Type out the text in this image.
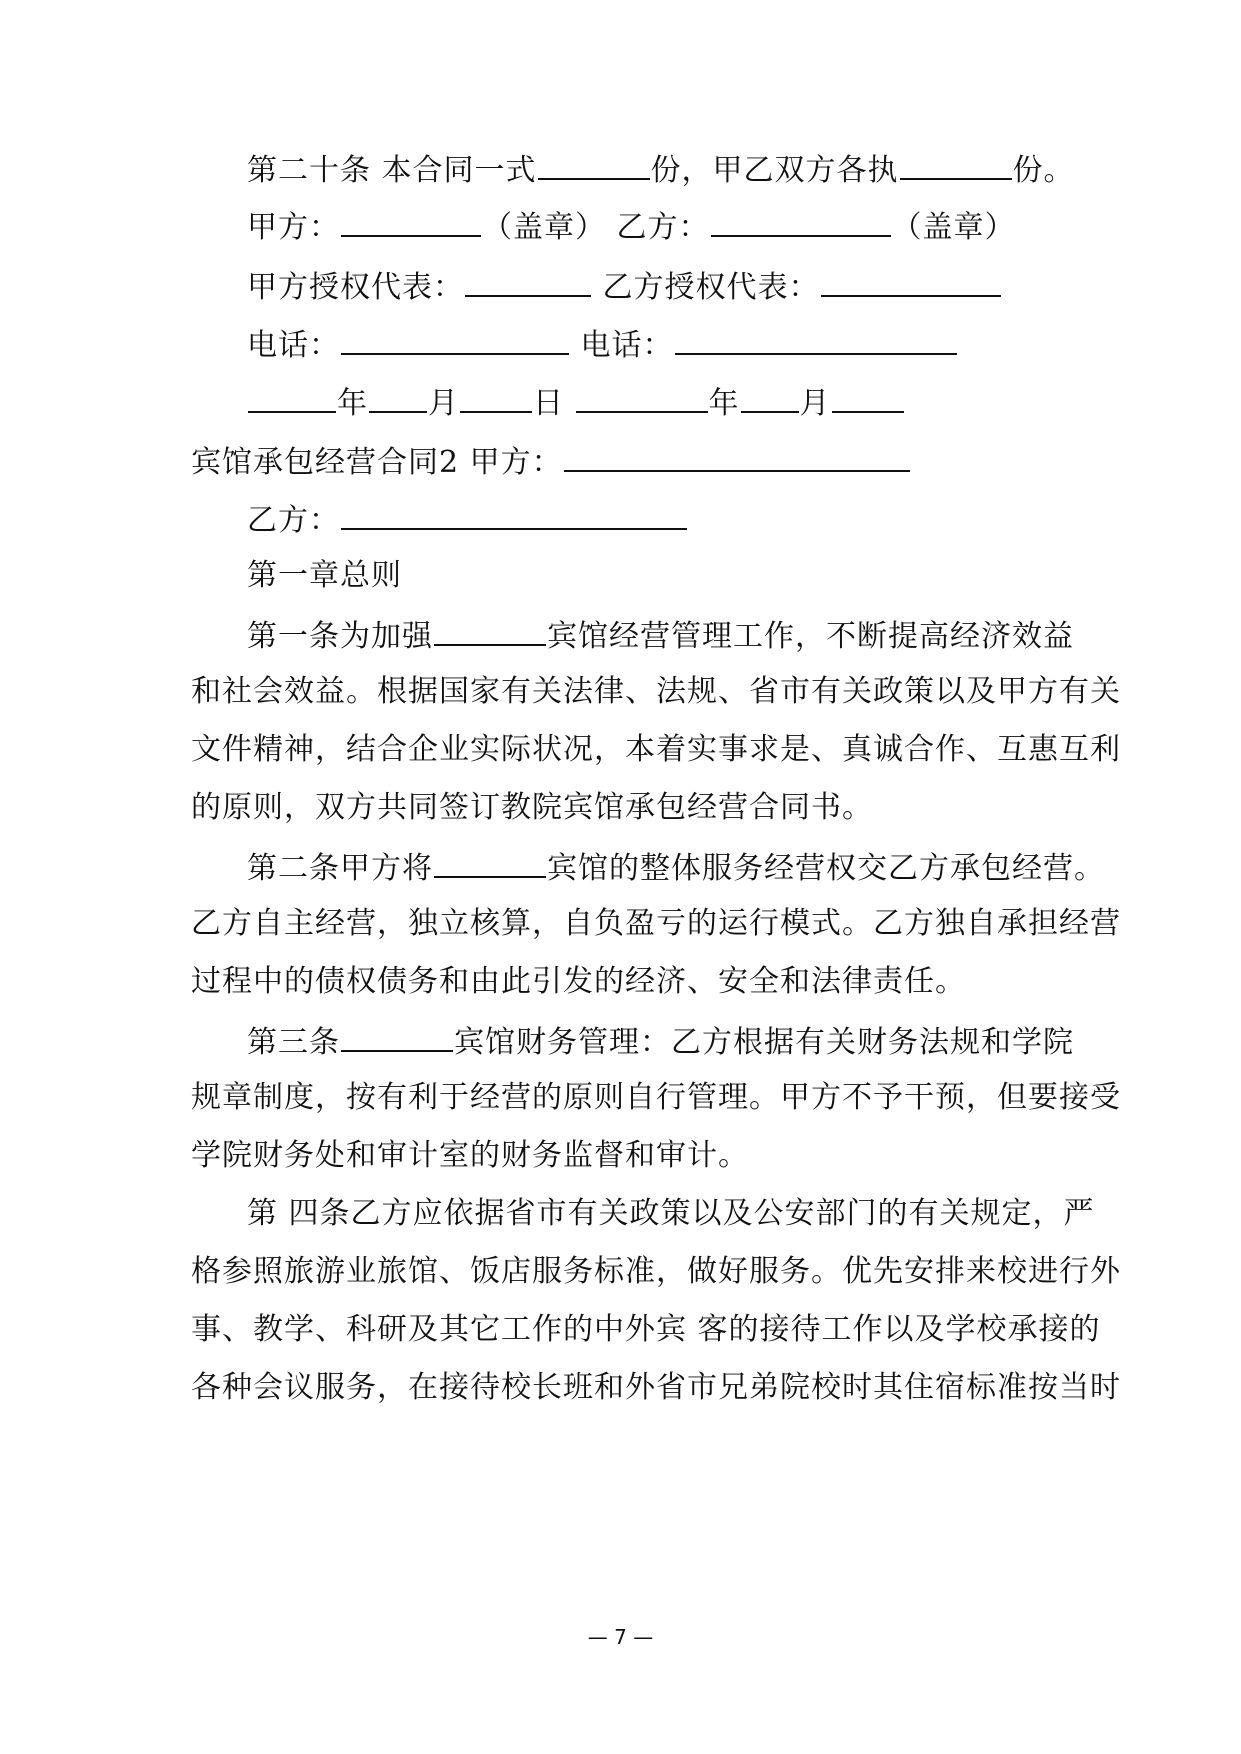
第二十条 本合同一式	份，甲乙双方各执	份。
甲方：	（盖章） 乙方：	（盖章）
甲方授权代表：	乙方授权代表：
电话：	电话：
年 月 日	年 月
宾馆承包经营合同2 甲方：
乙方：
第一章总则
第一条为加强	宾馆经营管理工作，不断提高经济效益
和社会效益。根据国家有关法律、法规、省市有关政策以及甲方有关
文件精神，结合企业实际状况，本着实事求是、真诚合作、互惠互利
的原则，双方共同签订教院宾馆承包经营合同书。
第二条甲方将	宾馆的整体服务经营权交乙方承包经营。
乙方自主经营，独立核算，自负盈亏的运行模式。乙方独自承担经营
过程中的债权债务和由此引发的经济、安全和法律责任。
第三条	宾馆财务管理：乙方根据有关财务法规和学院
规章制度，按有利于经营的原则自行管理。甲方不予干预，但要接受
学院财务处和审计室的财务监督和审计。
第 四条乙方应依据省市有关政策以及公安部门的有关规定，严
格参照旅游业旅馆、饭店服务标准，做好服务。优先安排来校进行外
事、教学、科研及其它工作的中外宾 客的接待工作以及学校承接的
各种会议服务，在接待校长班和外省市兄弟院校时其住宿标准按当时
— 7 —
